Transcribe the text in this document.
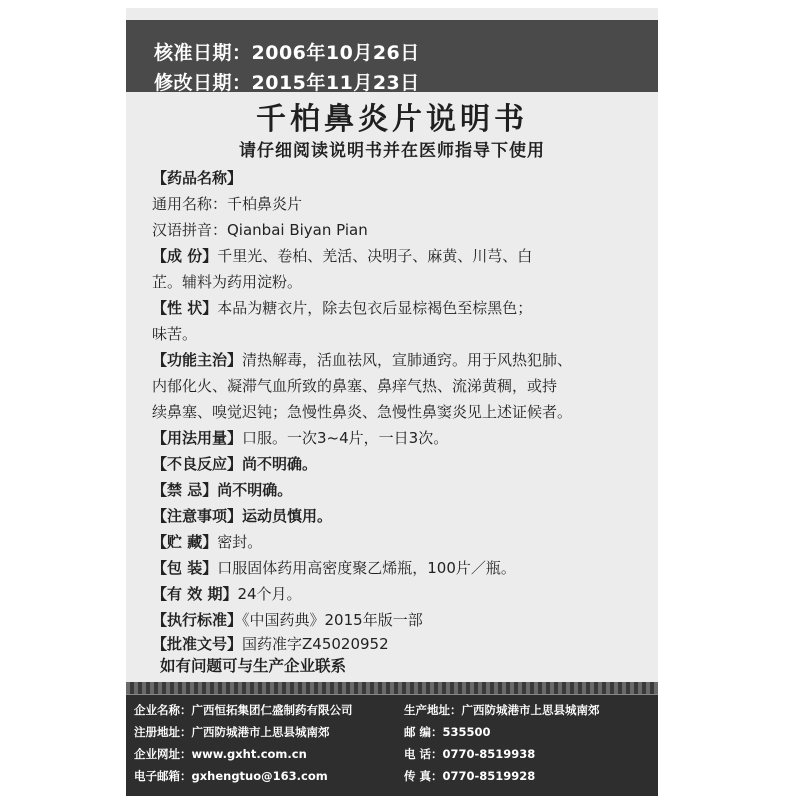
核准日期：2006年10月26日
修改日期：2015年11月23日
千柏鼻炎片说明书
请仔细阅读说明书并在医师指导下使用
【药品名称】
通用名称：千柏鼻炎片
汉语拼音：Qianbai Biyan Pian
【成 份】千里光、卷柏、羌活、决明子、麻黄、川芎、白
芷。辅料为药用淀粉。
【性 状】本品为糖衣片，除去包衣后显棕褐色至棕黑色；
味苦。
【功能主治】清热解毒，活血祛风，宣肺通窍。用于风热犯肺、
内郁化火、凝滞气血所致的鼻塞、鼻痒气热、流涕黄稠，或持
续鼻塞、嗅觉迟钝；急慢性鼻炎、急慢性鼻窦炎见上述证候者。
【用法用量】口服。一次3~4片，一日3次。
【不良反应】尚不明确。
【禁 忌】尚不明确。
【注意事项】运动员慎用。
【贮 藏】密封。
【包 装】口服固体药用高密度聚乙烯瓶，100片／瓶。
【有 效 期】24个月。
【执行标准】《中国药典》2015年版一部
【批准文号】国药准字Z45020952
如有问题可与生产企业联系
企业名称：广西恒拓集团仁盛制药有限公司	生产地址：广西防城港市上思县城南郊
注册地址：广西防城港市上思县城南郊	邮 编：535500
企业网址：www.gxht.com.cn	电 话：0770-8519938
电子邮箱：gxhengtuo@163.com	传 真：0770-8519928
